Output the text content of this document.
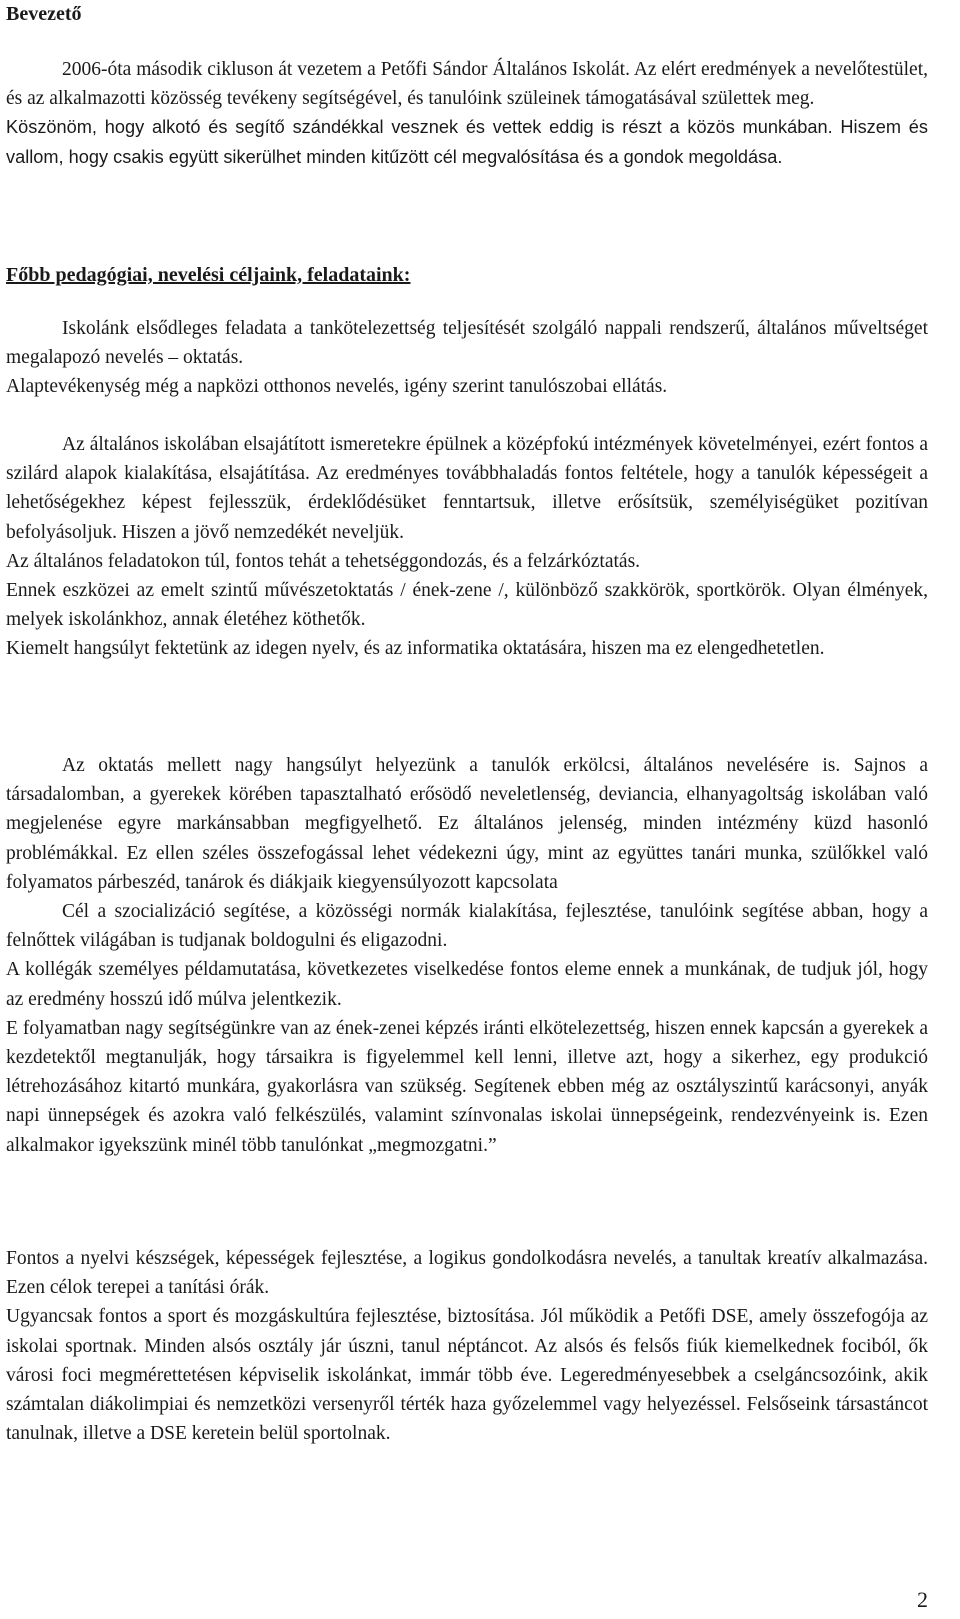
Bevezető

2006-óta második cikluson át vezetem a Petőfi Sándor Általános Iskolát. Az elért eredmények a nevelőtestület, és az alkalmazotti közösség tevékeny segítségével, és tanulóink szüleinek támogatásával születtek meg.

Köszönöm, hogy alkotó és segítő szándékkal vesznek és vettek eddig is részt a közös munkában. Hiszem és vallom, hogy csakis együtt sikerülhet minden kitűzött cél megvalósítása és a gondok megoldása.

Főbb pedagógiai, nevelési céljaink, feladataink:

Iskolánk elsődleges feladata a tankötelezettség teljesítését szolgáló nappali rendszerű, általános műveltséget megalapozó nevelés – oktatás.

Alaptevékenység még a napközi otthonos nevelés, igény szerint tanulószobai ellátás.

Az általános iskolában elsajátított ismeretekre épülnek a középfokú intézmények követelményei, ezért fontos a szilárd alapok kialakítása, elsajátítása. Az eredményes továbbhaladás fontos feltétele, hogy a tanulók képességeit a lehetőségekhez képest fejlesszük, érdeklődésüket fenntartsuk, illetve erősítsük, személyiségüket pozitívan befolyásoljuk. Hiszen a jövő nemzedékét neveljük.

Az általános feladatokon túl, fontos tehát a tehetséggondozás, és a felzárkóztatás.

Ennek eszközei az emelt szintű művészetoktatás / ének-zene /, különböző szakkörök, sportkörök. Olyan élmények, melyek iskolánkhoz, annak életéhez köthetők.

Kiemelt hangsúlyt fektetünk az idegen nyelv, és az informatika oktatására, hiszen ma ez elengedhetetlen.

Az oktatás mellett nagy hangsúlyt helyezünk a tanulók erkölcsi, általános nevelésére is. Sajnos a társadalomban, a gyerekek körében tapasztalható erősödő neveletlenség, deviancia, elhanyagoltság iskolában való megjelenése egyre markánsabban megfigyelhető. Ez általános jelenség, minden intézmény küzd hasonló problémákkal. Ez ellen széles összefogással lehet védekezni úgy, mint az együttes tanári munka, szülőkkel való folyamatos párbeszéd, tanárok és diákjaik kiegyensúlyozott kapcsolata

Cél a szocializáció segítése, a közösségi normák kialakítása, fejlesztése, tanulóink segítése abban, hogy a felnőttek világában is tudjanak boldogulni és eligazodni.

A kollégák személyes példamutatása, következetes viselkedése fontos eleme ennek a munkának, de tudjuk jól, hogy az eredmény hosszú idő múlva jelentkezik.

E folyamatban nagy segítségünkre van az ének-zenei képzés iránti elkötelezettség, hiszen ennek kapcsán a gyerekek a kezdetektől megtanulják, hogy társaikra is figyelemmel kell lenni, illetve azt, hogy a sikerhez, egy produkció létrehozásához kitartó munkára, gyakorlásra van szükség. Segítenek ebben még az osztályszintű karácsonyi, anyák napi ünnepségek és azokra való felkészülés, valamint színvonalas iskolai ünnepségeink, rendezvényeink is. Ezen alkalmakor igyekszünk minél több tanulónkat „megmozgatni.”

Fontos a nyelvi készségek, képességek fejlesztése, a logikus gondolkodásra nevelés, a tanultak kreatív alkalmazása. Ezen célok terepei a tanítási órák.

Ugyancsak fontos a sport és mozgáskultúra fejlesztése, biztosítása. Jól működik a Petőfi DSE, amely összefogója az iskolai sportnak. Minden alsós osztály jár úszni, tanul néptáncot. Az alsós és felsős fiúk kiemelkednek fociból, ők városi foci megmérettetésen képviselik iskolánkat, immár több éve. Legeredményesebbek a cselgáncsozóink, akik számtalan diákolimpiai és nemzetközi versenyről térték haza győzelemmel vagy helyezéssel. Felsőseink társastáncot tanulnak, illetve a DSE keretein belül sportolnak.

2
